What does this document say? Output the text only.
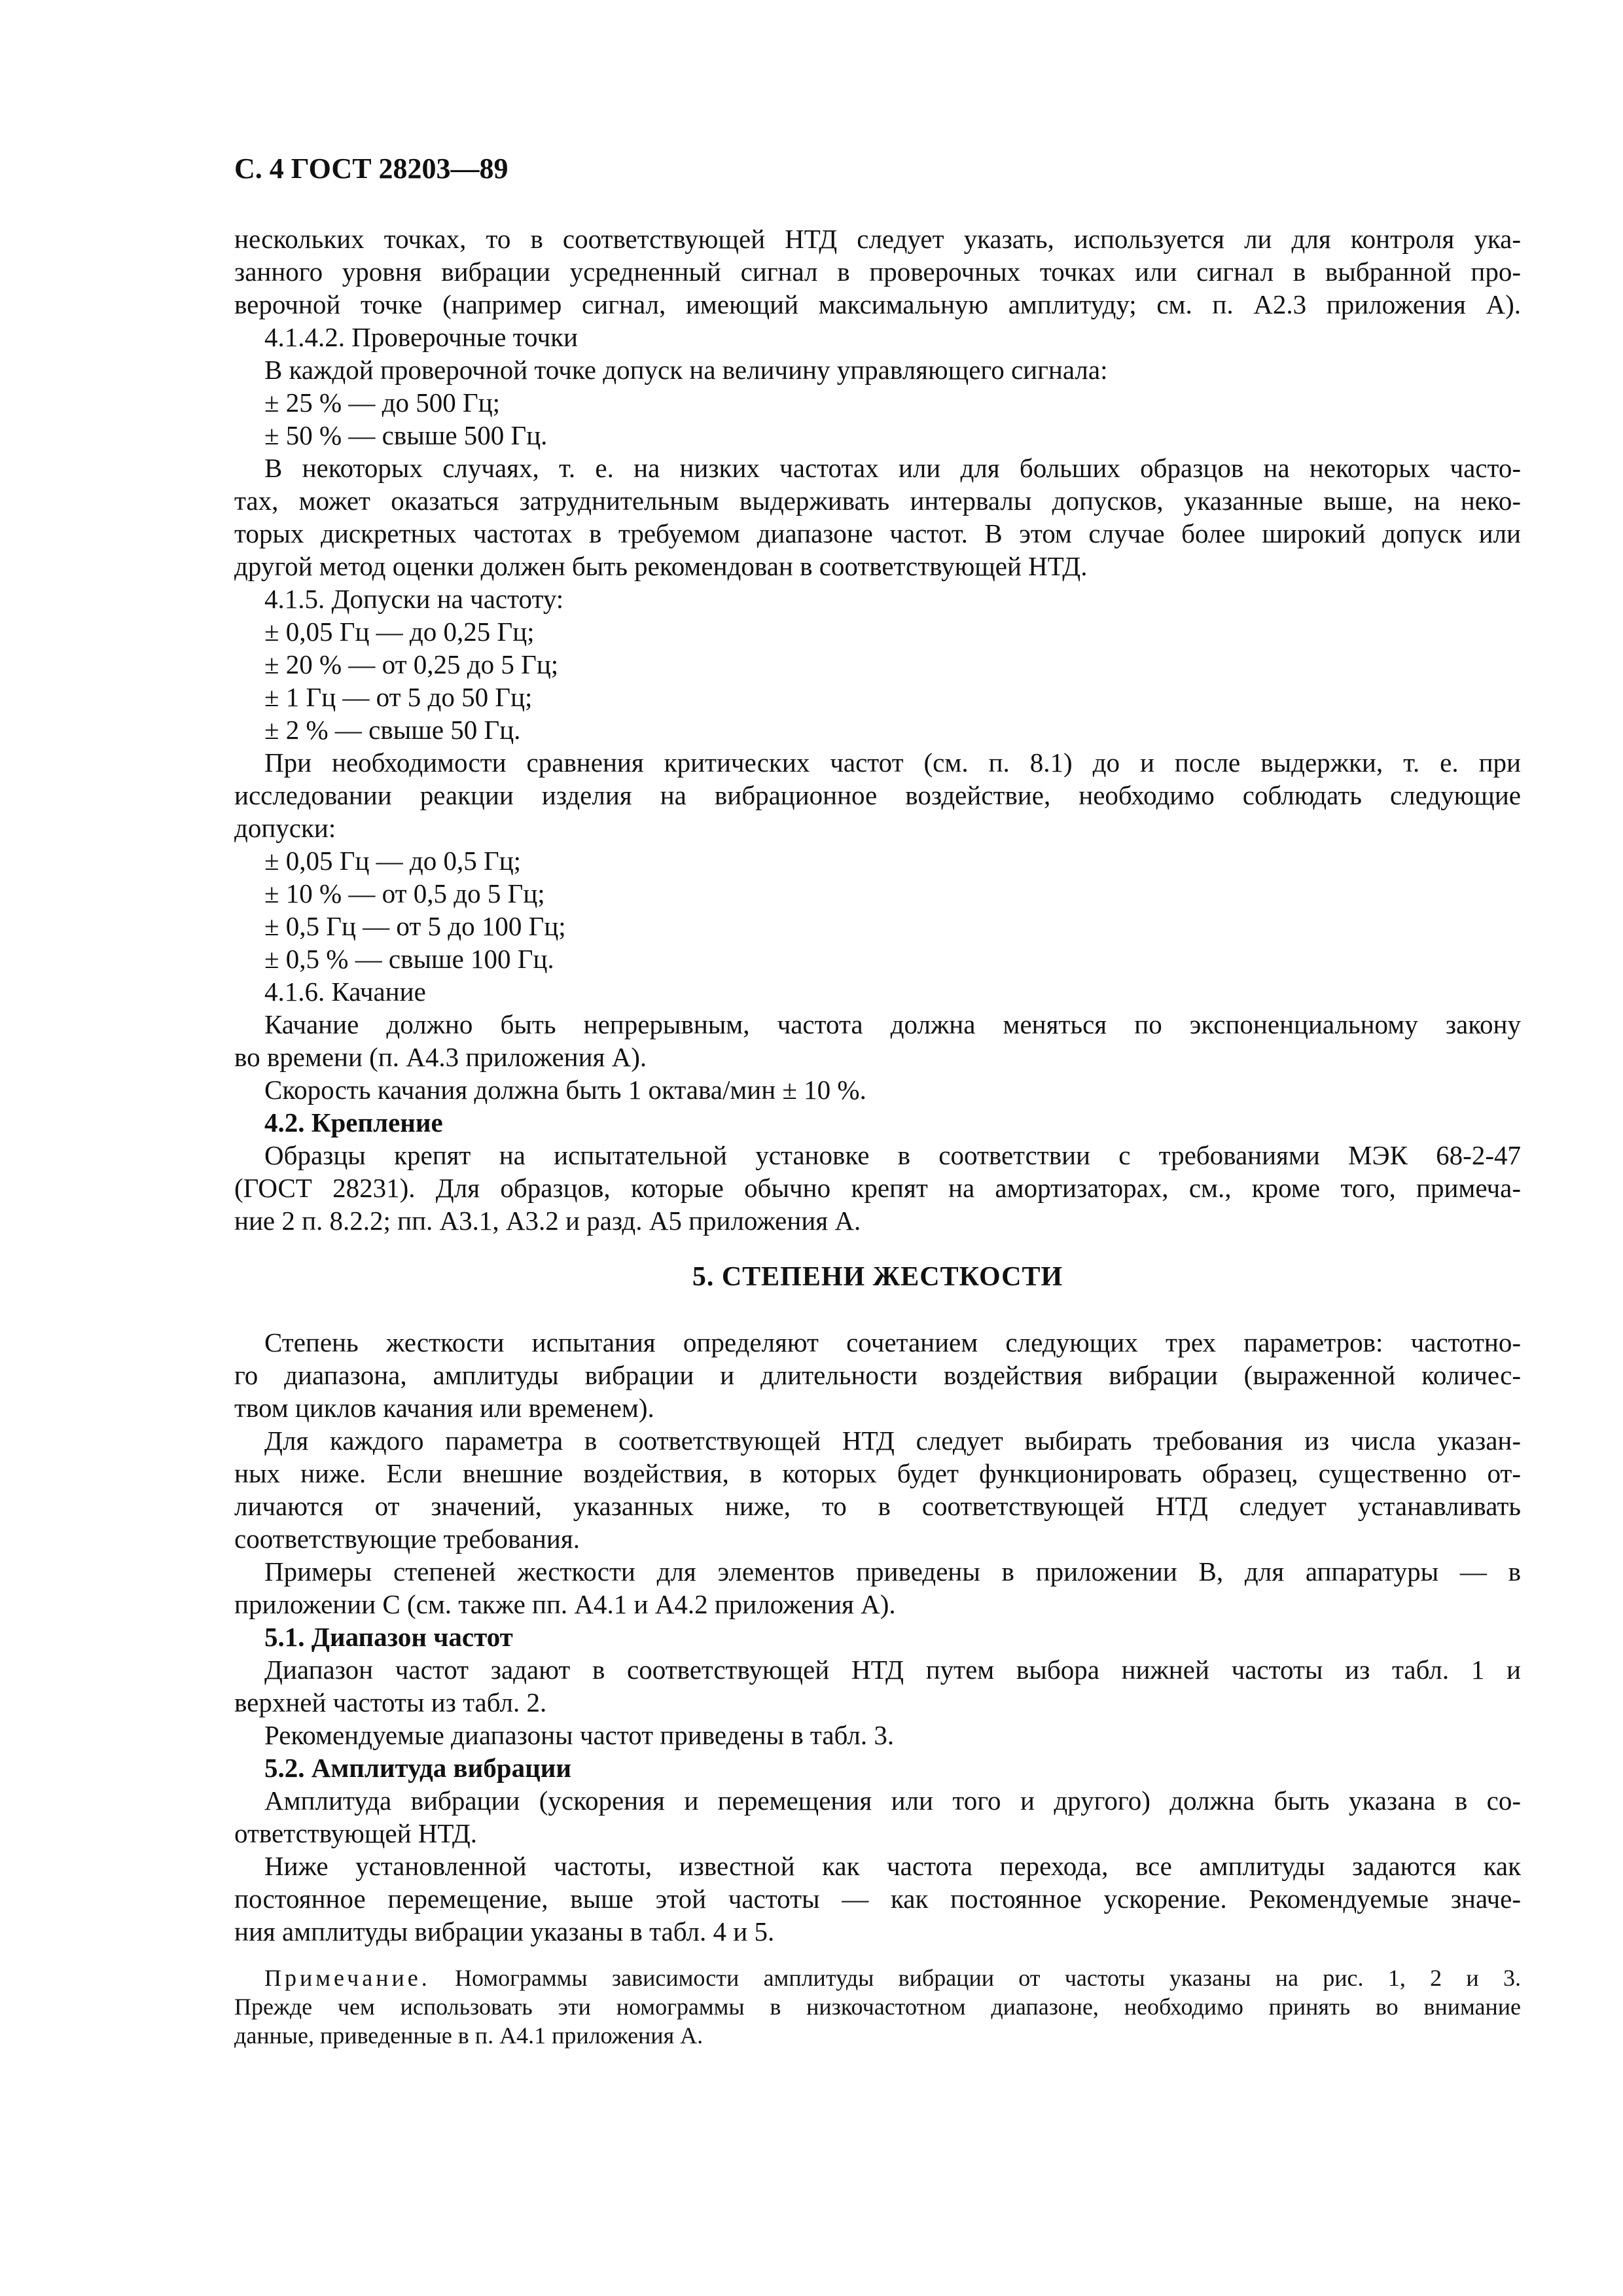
С. 4 ГОСТ 28203—89
нескольких точках, то в соответствующей НТД следует указать, используется ли для контроля ука-
занного уровня вибрации усредненный сигнал в проверочных точках или сигнал в выбранной про-
верочной точке (например сигнал, имеющий максимальную амплитуду; см. п. А2.3 приложения А).
4.1.4.2. Проверочные точки
В каждой проверочной точке допуск на величину управляющего сигнала:
± 25 % — до 500 Гц;
± 50 % — свыше 500 Гц.
В некоторых случаях, т. е. на низких частотах или для больших образцов на некоторых часто-
тах, может оказаться затруднительным выдерживать интервалы допусков, указанные выше, на неко-
торых дискретных частотах в требуемом диапазоне частот. В этом случае более широкий допуск или
другой метод оценки должен быть рекомендован в соответствующей НТД.
4.1.5. Допуски на частоту:
± 0,05 Гц — до 0,25 Гц;
± 20 % — от 0,25 до 5 Гц;
± 1 Гц — от 5 до 50 Гц;
± 2 % — свыше 50 Гц.
При необходимости сравнения критических частот (см. п. 8.1) до и после выдержки, т. е. при
исследовании реакции изделия на вибрационное воздействие, необходимо соблюдать следующие
допуски:
± 0,05 Гц — до 0,5 Гц;
± 10 % — от 0,5 до 5 Гц;
± 0,5 Гц — от 5 до 100 Гц;
± 0,5 % — свыше 100 Гц.
4.1.6. Качание
Качание должно быть непрерывным, частота должна меняться по экспоненциальному закону
во времени (п. А4.3 приложения А).
Скорость качания должна быть 1 октава/мин ± 10 %.
4.2. Крепление
Образцы крепят на испытательной установке в соответствии с требованиями МЭК 68-2-47
(ГОСТ 28231). Для образцов, которые обычно крепят на амортизаторах, см., кроме того, примеча-
ние 2 п. 8.2.2; пп. А3.1, А3.2 и разд. А5 приложения А.
5. СТЕПЕНИ ЖЕСТКОСТИ
Степень жесткости испытания определяют сочетанием следующих трех параметров: частотно-
го диапазона, амплитуды вибрации и длительности воздействия вибрации (выраженной количес-
твом циклов качания или временем).
Для каждого параметра в соответствующей НТД следует выбирать требования из числа указан-
ных ниже. Если внешние воздействия, в которых будет функционировать образец, существенно от-
личаются от значений, указанных ниже, то в соответствующей НТД следует устанавливать
соответствующие требования.
Примеры степеней жесткости для элементов приведены в приложении В, для аппаратуры — в
приложении С (см. также пп. А4.1 и А4.2 приложения А).
5.1. Диапазон частот
Диапазон частот задают в соответствующей НТД путем выбора нижней частоты из табл. 1 и
верхней частоты из табл. 2.
Рекомендуемые диапазоны частот приведены в табл. 3.
5.2. Амплитуда вибрации
Амплитуда вибрации (ускорения и перемещения или того и другого) должна быть указана в со-
ответствующей НТД.
Ниже установленной частоты, известной как частота перехода, все амплитуды задаются как
постоянное перемещение, выше этой частоты — как постоянное ускорение. Рекомендуемые значе-
ния амплитуды вибрации указаны в табл. 4 и 5.
Примечание. Номограммы зависимости амплитуды вибрации от частоты указаны на рис. 1, 2 и 3.
Прежде чем использовать эти номограммы в низкочастотном диапазоне, необходимо принять во внимание
данные, приведенные в п. А4.1 приложения А.
